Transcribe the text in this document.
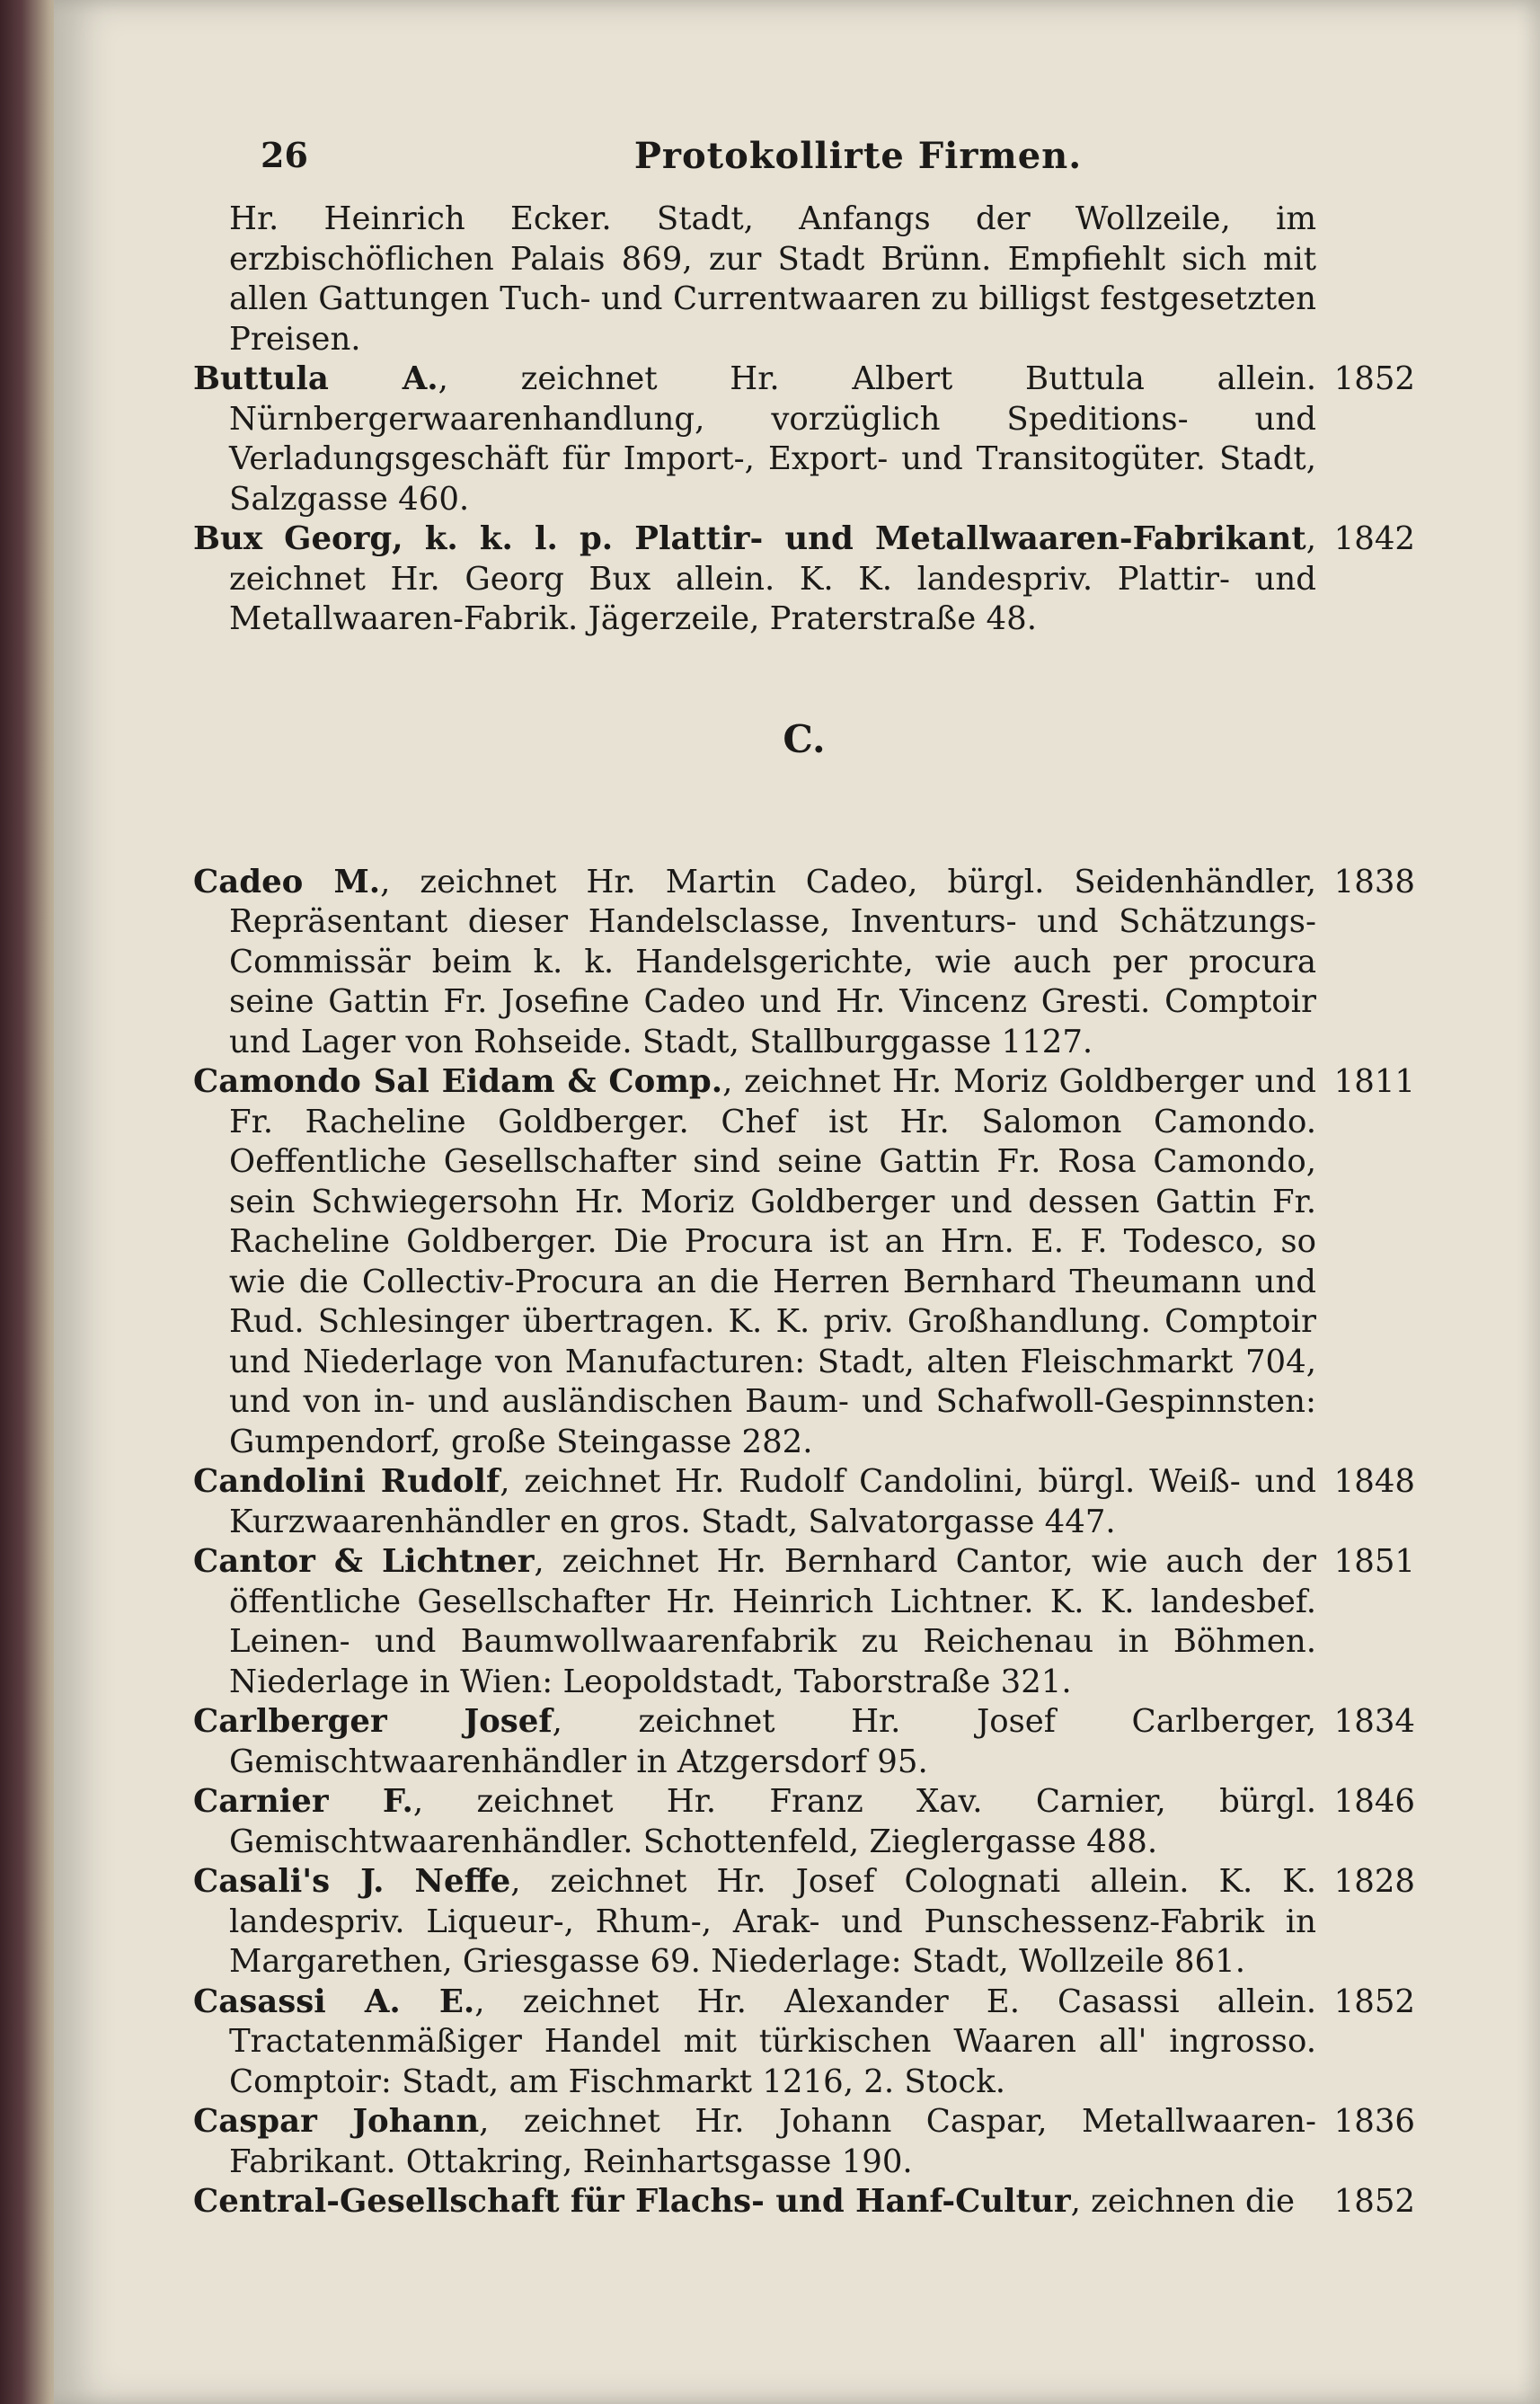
26	Protokollirte Firmen.

Hr. Heinrich Ecker. Stadt, Anfangs der Wollzeile, im erzbischöflichen Palais 869, zur Stadt Brünn. Empfiehlt sich mit allen Gattungen Tuch- und Currentwaaren zu billigst festgesetzten Preisen.

Buttula A., zeichnet Hr. Albert Buttula allein. Nürnbergerwaarenhandlung, vorzüglich Speditions- und Verladungsgeschäft für Import-, Export- und Transitogüter. Stadt, Salzgasse 460.

1852

Bux Georg, k. k. l. p. Plattir- und Metallwaaren-Fabrikant, zeichnet Hr. Georg Bux allein. K. K. landespriv. Plattir- und Metallwaaren-Fabrik. Jägerzeile, Praterstraße 48.

1842
C.

Cadeo M., zeichnet Hr. Martin Cadeo, bürgl. Seidenhändler, Repräsentant dieser Handelsclasse, Inventurs- und Schätzungs-Commissär beim k. k. Handelsgerichte, wie auch per procura seine Gattin Fr. Josefine Cadeo und Hr. Vincenz Gresti. Comptoir und Lager von Rohseide. Stadt, Stallburggasse 1127.

1838

Camondo Sal Eidam & Comp., zeichnet Hr. Moriz Goldberger und Fr. Racheline Goldberger. Chef ist Hr. Salomon Camondo. Oeffentliche Gesellschafter sind seine Gattin Fr. Rosa Camondo, sein Schwiegersohn Hr. Moriz Goldberger und dessen Gattin Fr. Racheline Goldberger. Die Procura ist an Hrn. E. F. Todesco, so wie die Collectiv-Procura an die Herren Bernhard Theumann und Rud. Schlesinger übertragen. K. K. priv. Großhandlung. Comptoir und Niederlage von Manufacturen: Stadt, alten Fleischmarkt 704, und von in- und ausländischen Baum- und Schafwoll-Gespinnsten: Gumpendorf, große Steingasse 282.

1811

Candolini Rudolf, zeichnet Hr. Rudolf Candolini, bürgl. Weiß- und Kurzwaarenhändler en gros. Stadt, Salvatorgasse 447.

1848

Cantor & Lichtner, zeichnet Hr. Bernhard Cantor, wie auch der öffentliche Gesellschafter Hr. Heinrich Lichtner. K. K. landesbef. Leinen- und Baumwollwaarenfabrik zu Reichenau in Böhmen. Niederlage in Wien: Leopoldstadt, Taborstraße 321.

1851

Carlberger Josef, zeichnet Hr. Josef Carlberger, Gemischtwaarenhändler in Atzgersdorf 95.

1834

Carnier F., zeichnet Hr. Franz Xav. Carnier, bürgl. Gemischtwaarenhändler. Schottenfeld, Zieglergasse 488.

1846

Casali's J. Neffe, zeichnet Hr. Josef Colognati allein. K. K. landespriv. Liqueur-, Rhum-, Arak- und Punschessenz-Fabrik in Margarethen, Griesgasse 69. Niederlage: Stadt, Wollzeile 861.

1828

Casassi A. E., zeichnet Hr. Alexander E. Casassi allein. Tractatenmäßiger Handel mit türkischen Waaren all' ingrosso. Comptoir: Stadt, am Fischmarkt 1216, 2. Stock.

1852

Caspar Johann, zeichnet Hr. Johann Caspar, Metallwaaren-Fabrikant. Ottakring, Reinhartsgasse 190.

1836

Central-Gesellschaft für Flachs- und Hanf-Cultur, zeichnen die	1852
